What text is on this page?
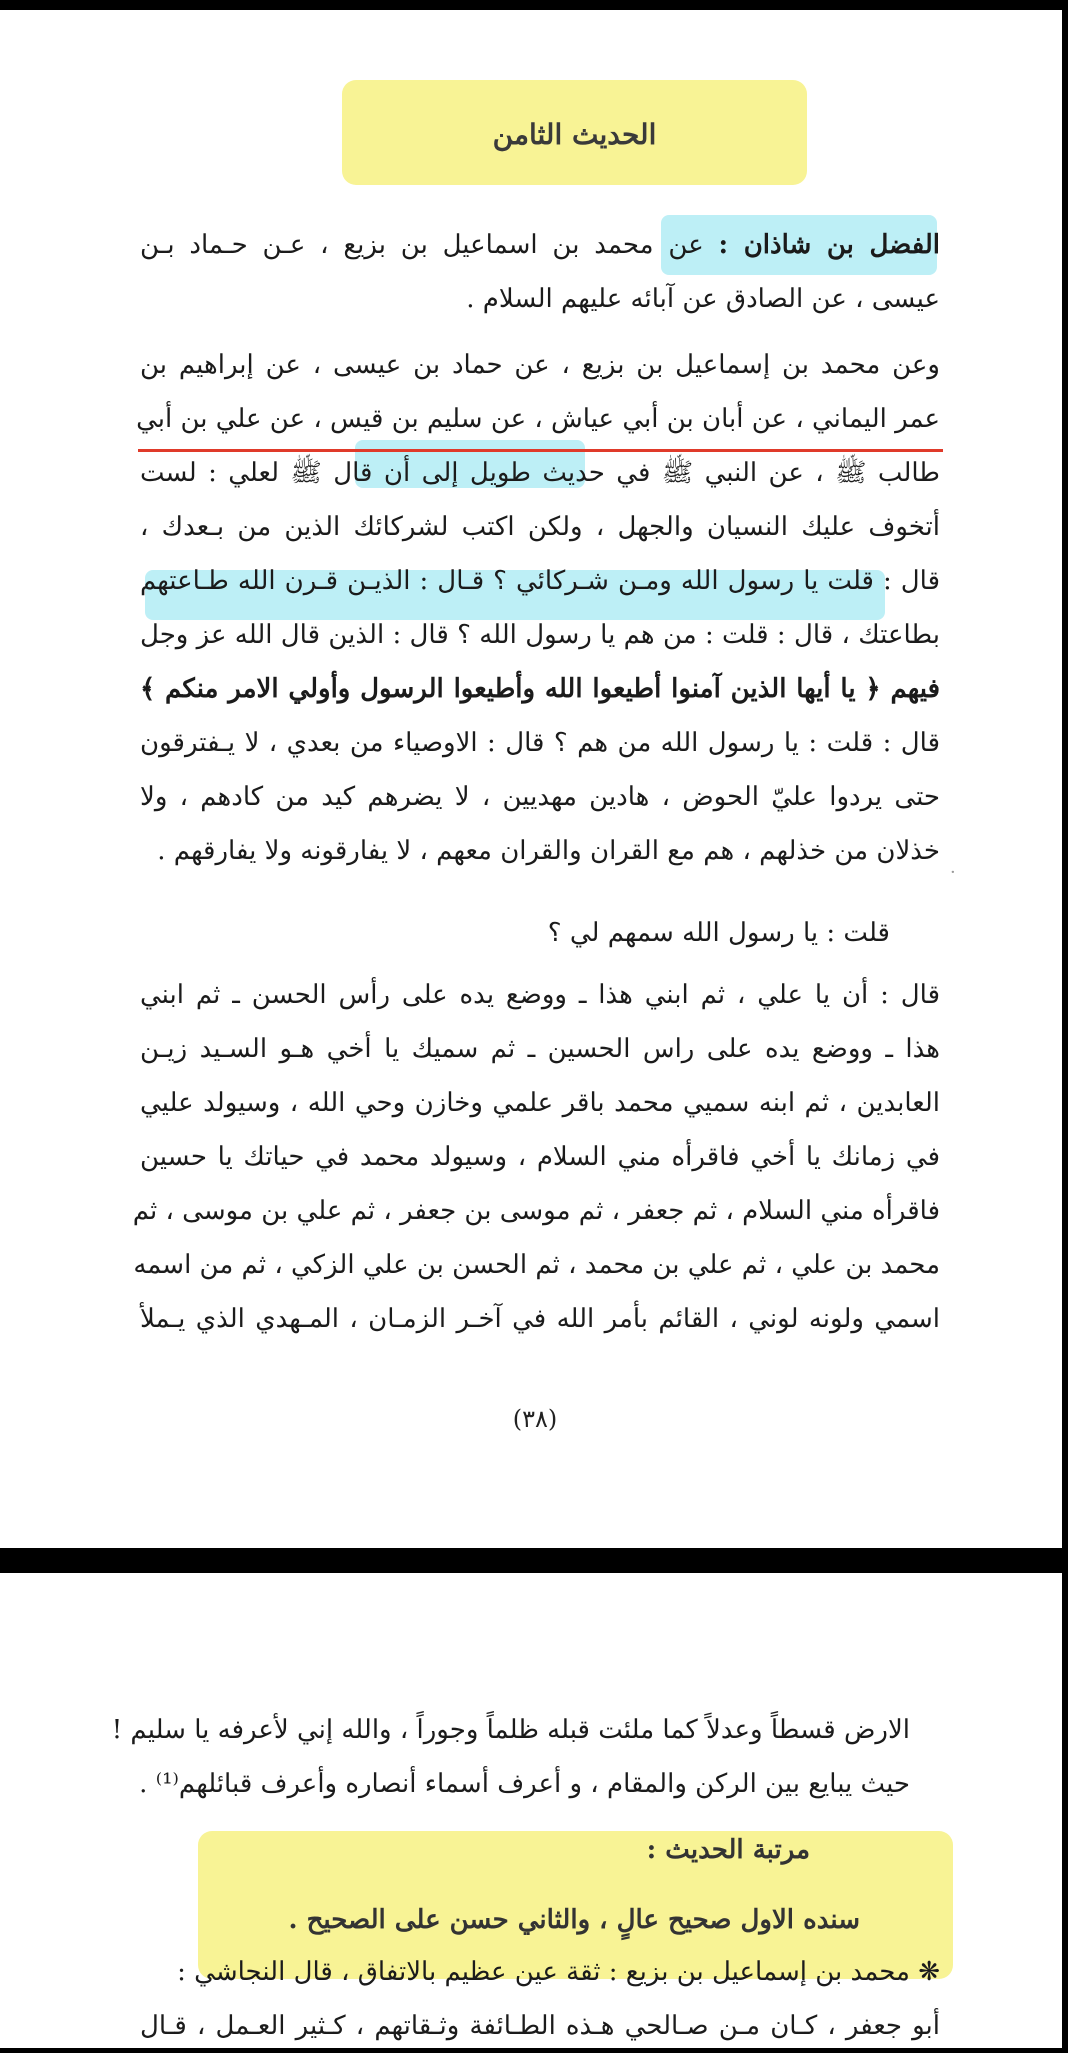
الحديث الثامن
الفضل بن شاذان : عن محمد بن اسماعيل بن بزيع ، عـن حـماد بـن
عيسى ، عن الصادق عن آبائه عليهم السلام .
وعن محمد بن إسماعيل بن بزيع ، عن حماد بن عيسى ، عن إبراهيم بن
عمر اليماني ، عن أبان بن أبي عياش ، عن سليم بن قيس ، عن علي بن أبي
طالب ﷺ ، عن النبي ﷺ في حديث طويل إلى أن قال ﷺ لعلي : لست
أتخوف عليك النسيان والجهل ، ولكن اكتب لشركائك الذين من بـعدك ،
قال : قلت يا رسول الله ومـن شـركائي ؟ قـال : الذيـن قـرن الله طـاعتهم
بطاعتك ، قال : قلت : من هم يا رسول الله ؟ قال : الذين قال الله عز وجل
فيهم ﴿ يا أيها الذين آمنوا أطيعوا الله وأطيعوا الرسول وأولي الامر منكم ﴾
قال : قلت : يا رسول الله من هم ؟ قال : الاوصياء من بعدي ، لا يـفترقون
حتى يردوا عليّ الحوض ، هادين مهديين ، لا يضرهم كيد من كادهم ، ولا
خذلان من خذلهم ، هم مع القران والقران معهم ، لا يفارقونه ولا يفارقهم .
قلت : يا رسول الله سمهم لي ؟
قال : أن يا علي ، ثم ابني هذا ـ ووضع يده على رأس الحسن ـ ثم ابني
هذا ـ ووضع يده على راس الحسين ـ ثم سميك يا أخي هـو السـيد زيـن
العابدين ، ثم ابنه سميي محمد باقر علمي وخازن وحي الله ، وسيولد عليي
في زمانك يا أخي فاقرأه مني السلام ، وسيولد محمد في حياتك يا حسين
فاقرأه مني السلام ، ثم جعفر ، ثم موسى بن جعفر ، ثم علي بن موسى ، ثم
محمد بن علي ، ثم علي بن محمد ، ثم الحسن بن علي الزكي ، ثم من اسمه
اسمي ولونه لوني ، القائم بأمر الله في آخـر الزمـان ، المـهدي الذي يـملأ
(٣٨)
·
الارض قسطاً وعدلاً كما ملئت قبله ظلماً وجوراً ، والله إني لأعرفه يا سليم !
حيث يبايع بين الركن والمقام ، و أعرف أسماء أنصاره وأعرف قبائلهم⁽¹⁾ .
مرتبة الحديث :
سنده الاول صحيح عالٍ ، والثاني حسن على الصحيح .
❋ محمد بن إسماعيل بن بزيع : ثقة عين عظيم بالاتفاق ، قال النجاشي :
أبو جعفر ، كـان مـن صـالحي هـذه الطـائفة وثـقاتهم ، كـثير العـمل ، قـال
